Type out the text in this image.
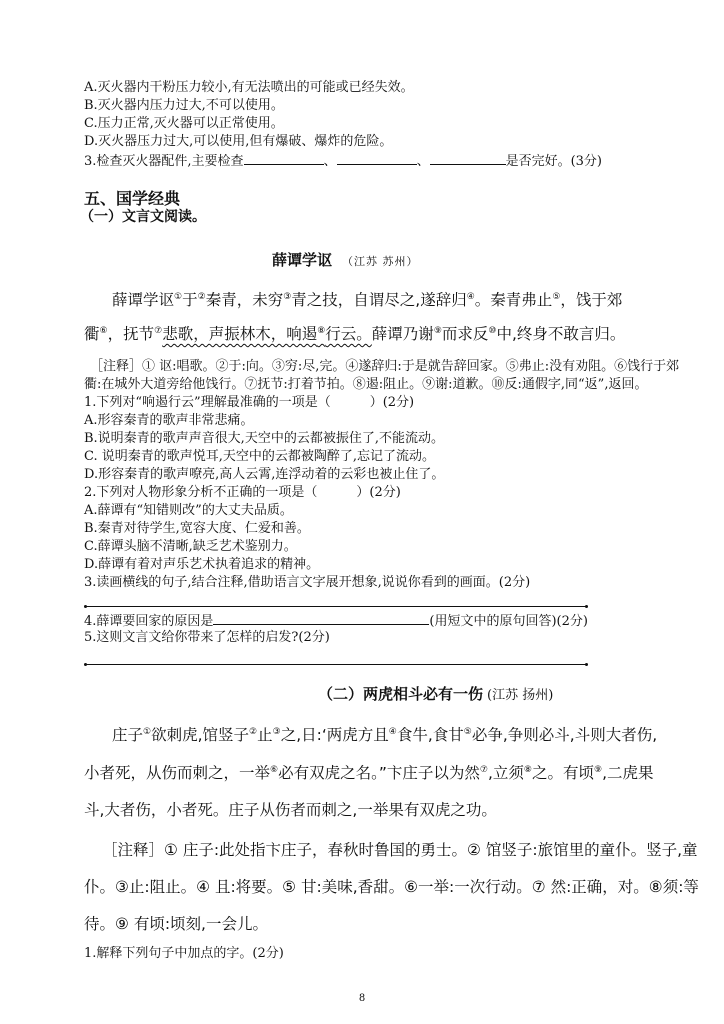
A.灭火器内干粉压力较小,有无法喷出的可能或已经失效。
B.灭火器内压力过大,不可以使用。
C.压力正常,灭火器可以正常使用。
D.灭火器压力过大,可以使用,但有爆破、爆炸的危险。
3.检查灭火器配件,主要检查	、	、	是否完好。(3分)
五、国学经典
（一）文言文阅读。
薛谭学讴 （江苏 苏州）
薛谭学讴①于②秦青，未穷③青之技，自谓尽之,遂辞归④。秦青弗止⑤，饯于郊
衢⑥，抚节⑦悲歌，声振林木，响遏⑧行云。薛谭乃谢⑨而求反⑩中,终身不敢言归。
［注释］① 讴:唱歌。②于:向。③穷:尽,完。④遂辞归:于是就告辞回家。⑤弗止:没有劝阻。⑥饯行于郊
衢:在城外大道旁给他饯行。⑦抚节:打着节拍。⑧遏:阻止。⑨谢:道歉。⑩反:通假字,同“返”,返回。
1.下列对“响遏行云”理解最准确的一项是（　　　）(2分)
A.形容秦青的歌声非常悲痛。
B.说明秦青的歌声声音很大,天空中的云都被振住了,不能流动。
C. 说明秦青的歌声悦耳,天空中的云都被陶醉了,忘记了流动。
D.形容秦青的歌声嘹亮,高人云霄,连浮动着的云彩也被止住了。
2.下列对人物形象分析不正确的一项是（　　　）(2分)
A.薛谭有“知错则改”的大丈夫品质。
B.秦青对待学生,宽容大度、仁爱和善。
C.薛谭头脑不清晰,缺乏艺术鉴别力。
D.薛谭有着对声乐艺术执着追求的精神。
3.读画横线的句子,结合注释,借助语言文字展开想象,说说你看到的画面。(2分)
4.薛谭要回家的原因是	(用短文中的原句回答)(2分)
5.这则文言文给你带来了怎样的启发?(2分)
（二）两虎相斗必有一伤 (江苏 扬州)
庄子①欲刺虎,馆竖子②止③之,日:‘两虎方且④食牛,食甘⑤必争,争则必斗,斗则大者伤,
小者死，从伤而刺之，一举⑥必有双虎之名。”卞庄子以为然⑦,立须⑧之。有顷⑨,二虎果
斗,大者伤，小者死。庄子从伤者而刺之,一举果有双虎之功。
［注释］① 庄子:此处指卞庄子，春秋时鲁国的勇士。② 馆竖子:旅馆里的童仆。竖子,童
仆。③止:阻止。④ 且:将要。⑤ 甘:美味,香甜。⑥一举:一次行动。⑦ 然:正确，对。⑧须:等
待。⑨ 有顷:顷刻,一会儿。
1.解释下列句子中加点的字。(2分)
8
